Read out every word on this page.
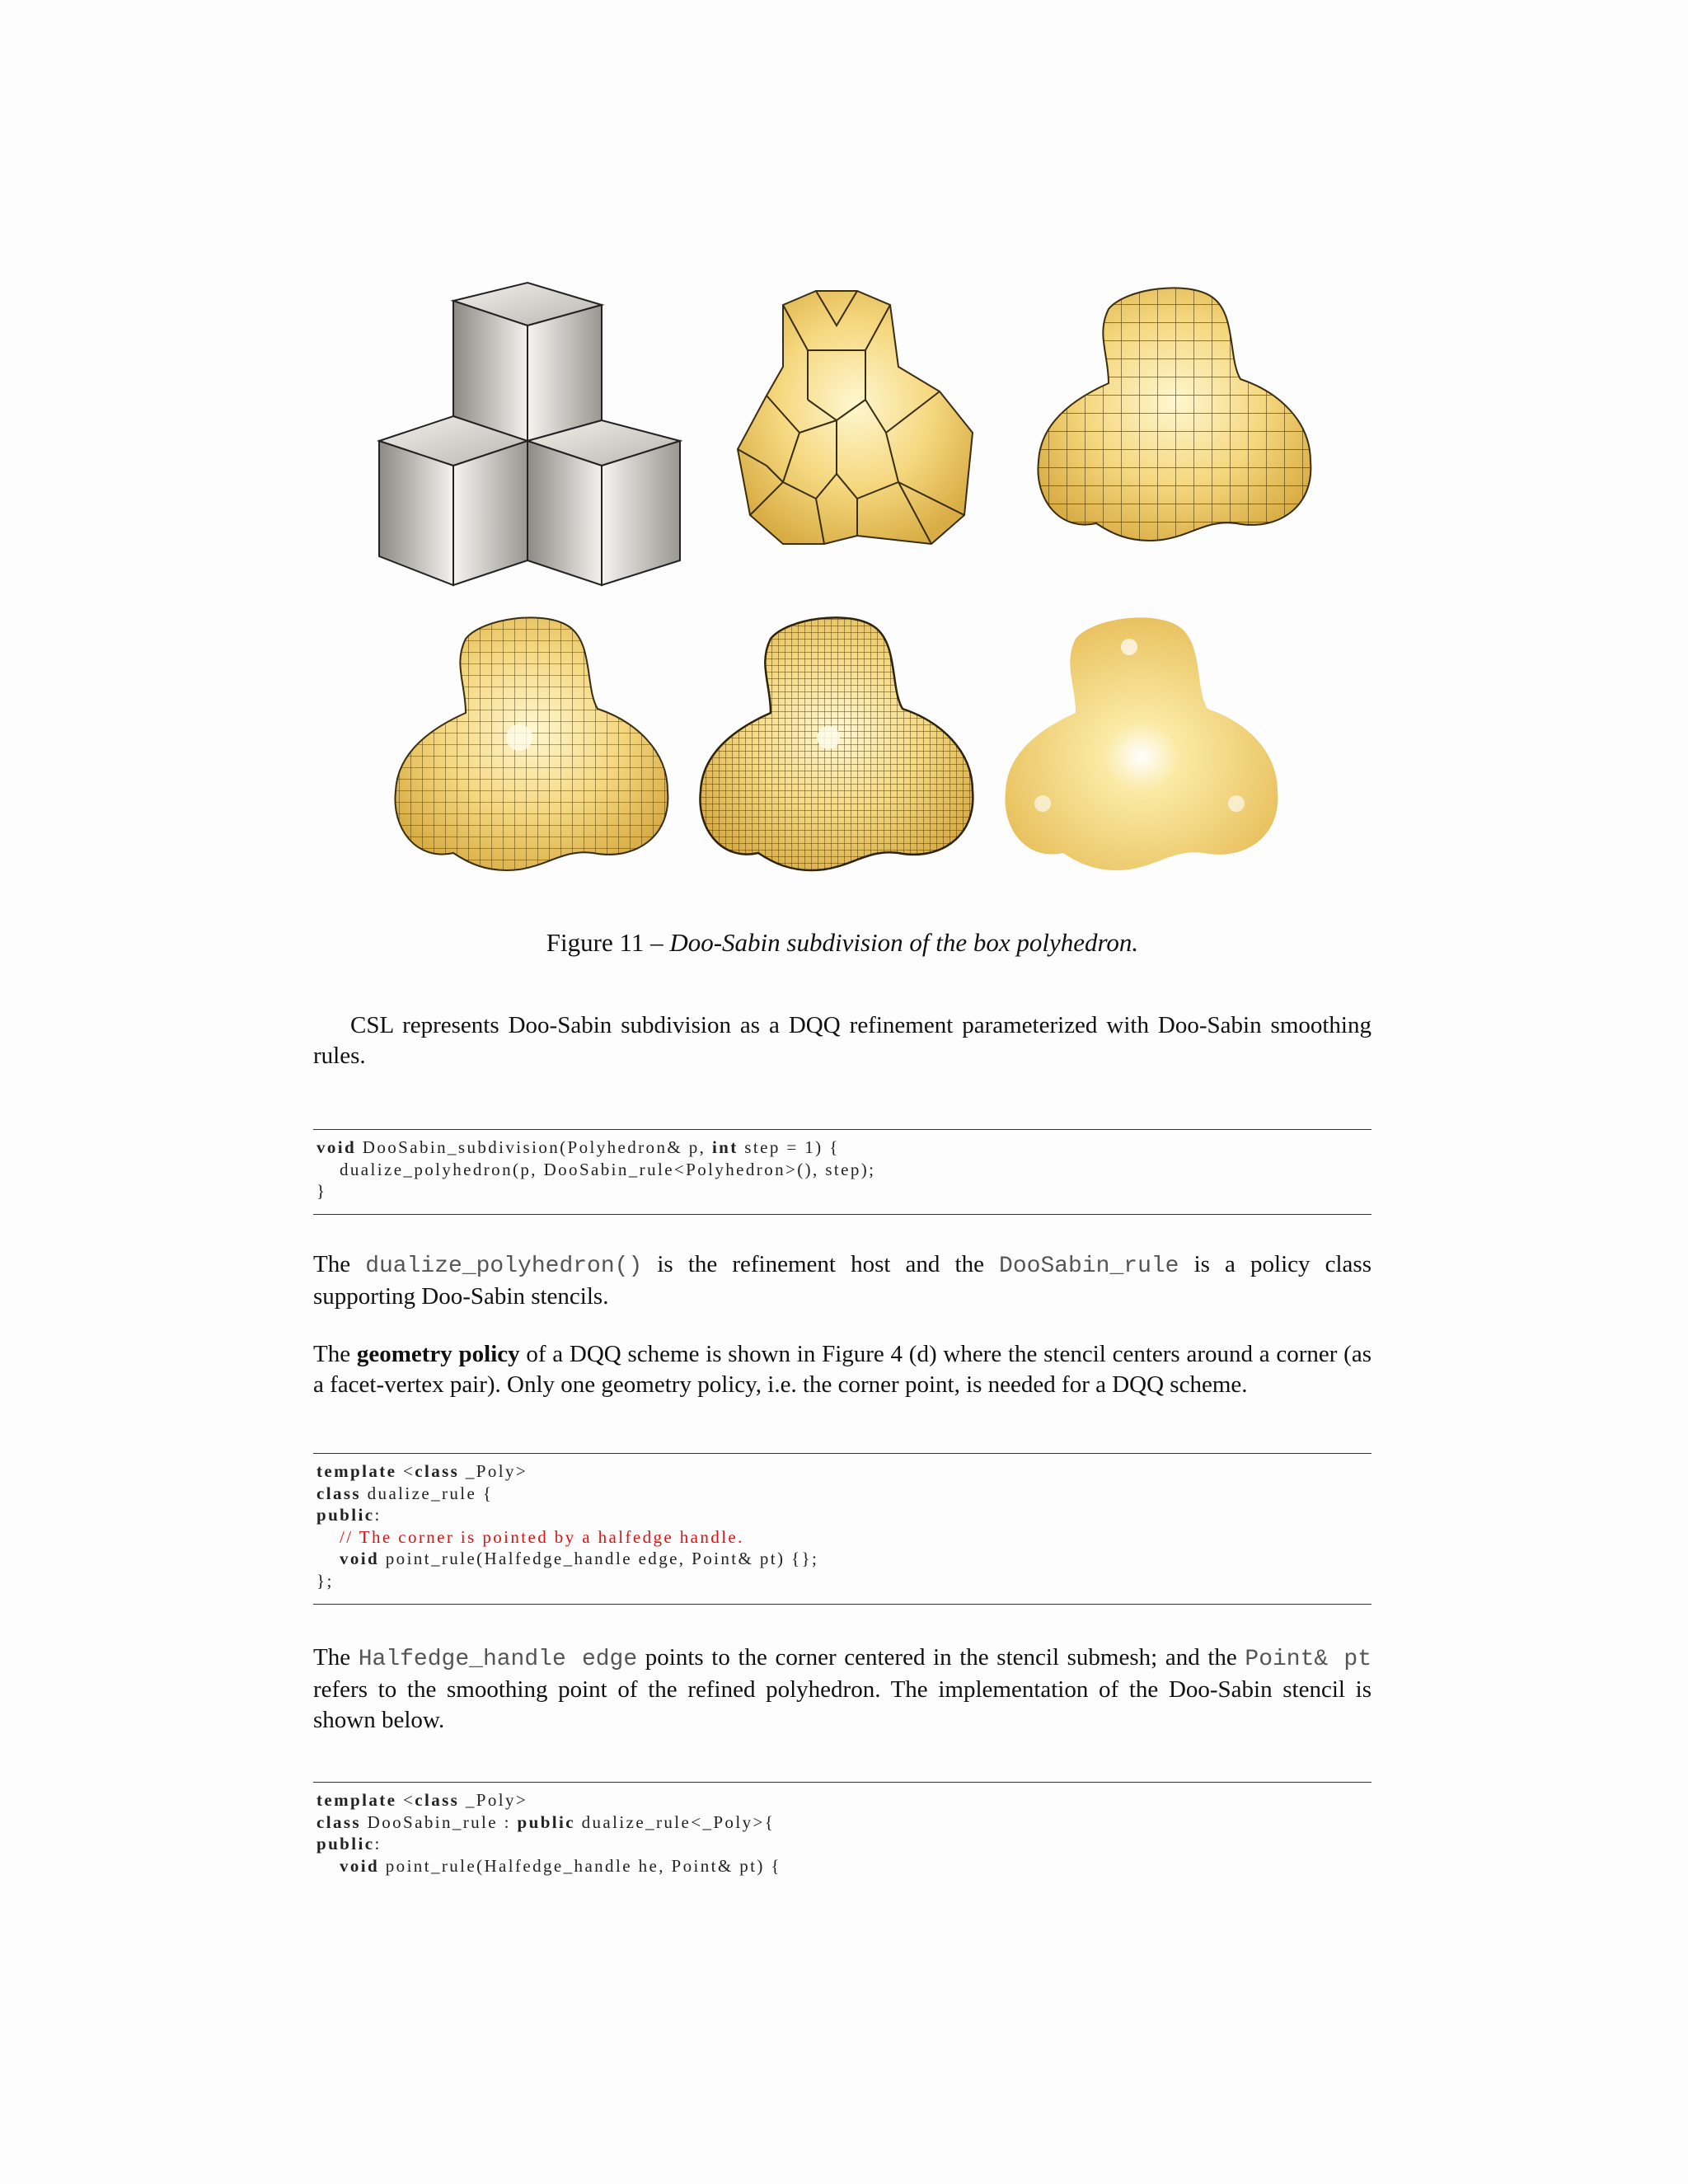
Figure 11 – Doo-Sabin subdivision of the box polyhedron.

CSL represents Doo-Sabin subdivision as a DQQ refinement parameterized with Doo-Sabin smoothing rules.

void DooSabin_subdivision(Polyhedron& p, int step = 1) {
dualize_polyhedron(p, DooSabin_rule<Polyhedron>(), step);
}

The dualize_polyhedron() is the refinement host and the DooSabin_rule is a policy class supporting Doo-Sabin stencils.

The geometry policy of a DQQ scheme is shown in Figure 4 (d) where the stencil centers around a corner (as a facet-vertex pair). Only one geometry policy, i.e. the corner point, is needed for a DQQ scheme.

template <class _Poly>
class dualize_rule {
public:
// The corner is pointed by a halfedge handle.
void point_rule(Halfedge_handle edge, Point& pt) {};
};

The Halfedge_handle edge points to the corner centered in the stencil submesh; and the Point& pt refers to the smoothing point of the refined polyhedron. The implementation of the Doo-Sabin stencil is shown below.

template <class _Poly>
class DooSabin_rule : public dualize_rule<_Poly>{
public:
void point_rule(Halfedge_handle he, Point& pt) {
